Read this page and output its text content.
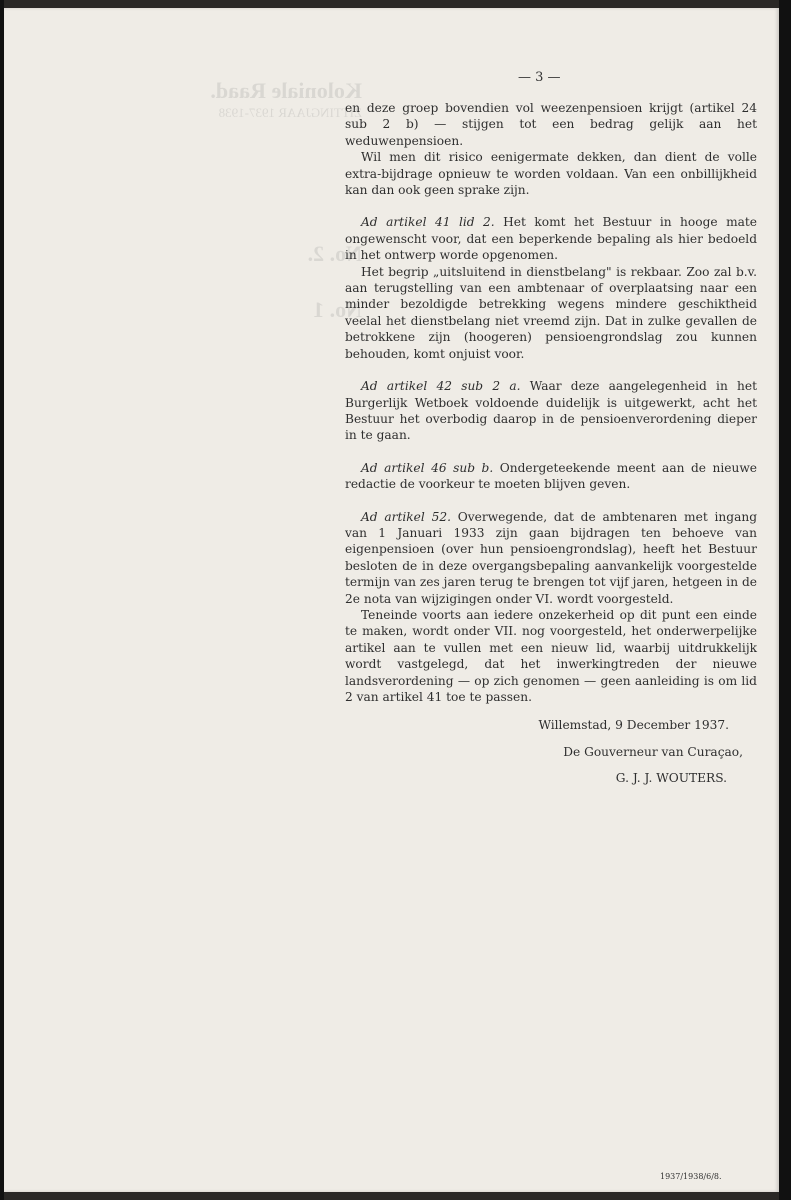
Koloniale Raad.
ZITTINGJAAR 1937-1938
No. 2.
No. 1
— 3 —

en deze groep bovendien vol weezenpensioen krijgt (artikel 24 sub 2 b) — stijgen tot een bedrag gelijk aan het weduwenpensioen.

Wil men dit risico eenigermate dekken, dan dient de volle extra-bijdrage opnieuw te worden voldaan. Van een onbillijkheid kan dan ook geen sprake zijn.

Ad artikel 41 lid 2. Het komt het Bestuur in hooge mate ongewenscht voor, dat een beperkende bepaling als hier bedoeld in het ontwerp worde opgenomen.

Het begrip „uitsluitend in dienstbelang" is rekbaar. Zoo zal b.v. aan terugstelling van een ambtenaar of overplaatsing naar een minder bezoldigde betrekking wegens mindere geschiktheid veelal het dienstbelang niet vreemd zijn. Dat in zulke gevallen de betrokkene zijn (hoogeren) pensioengrondslag zou kunnen behouden, komt onjuist voor.

Ad artikel 42 sub 2 a. Waar deze aangelegenheid in het Burgerlijk Wetboek voldoende duidelijk is uitgewerkt, acht het Bestuur het overbodig daarop in de pensioenverordening dieper in te gaan.

Ad artikel 46 sub b. Ondergeteekende meent aan de nieuwe redactie de voorkeur te moeten blijven geven.

Ad artikel 52. Overwegende, dat de ambtenaren met ingang van 1 Januari 1933 zijn gaan bijdragen ten behoeve van eigenpensioen (over hun pensioengrondslag), heeft het Bestuur besloten de in deze overgangsbepaling aanvankelijk voorgestelde termijn van zes jaren terug te brengen tot vijf jaren, hetgeen in de 2e nota van wijzigingen onder VI. wordt voorgesteld.

Teneinde voorts aan iedere onzekerheid op dit punt een einde te maken, wordt onder VII. nog voorgesteld, het onderwerpelijke artikel aan te vullen met een nieuw lid, waarbij uitdrukkelijk wordt vastgelegd, dat het inwerkingtreden der nieuwe landsverordening — op zich genomen — geen aanleiding is om lid 2 van artikel 41 toe te passen.

Willemstad, 9 December 1937.

De Gouverneur van Curaçao,

G. J. J. WOUTERS.

1937/1938/6/8.
